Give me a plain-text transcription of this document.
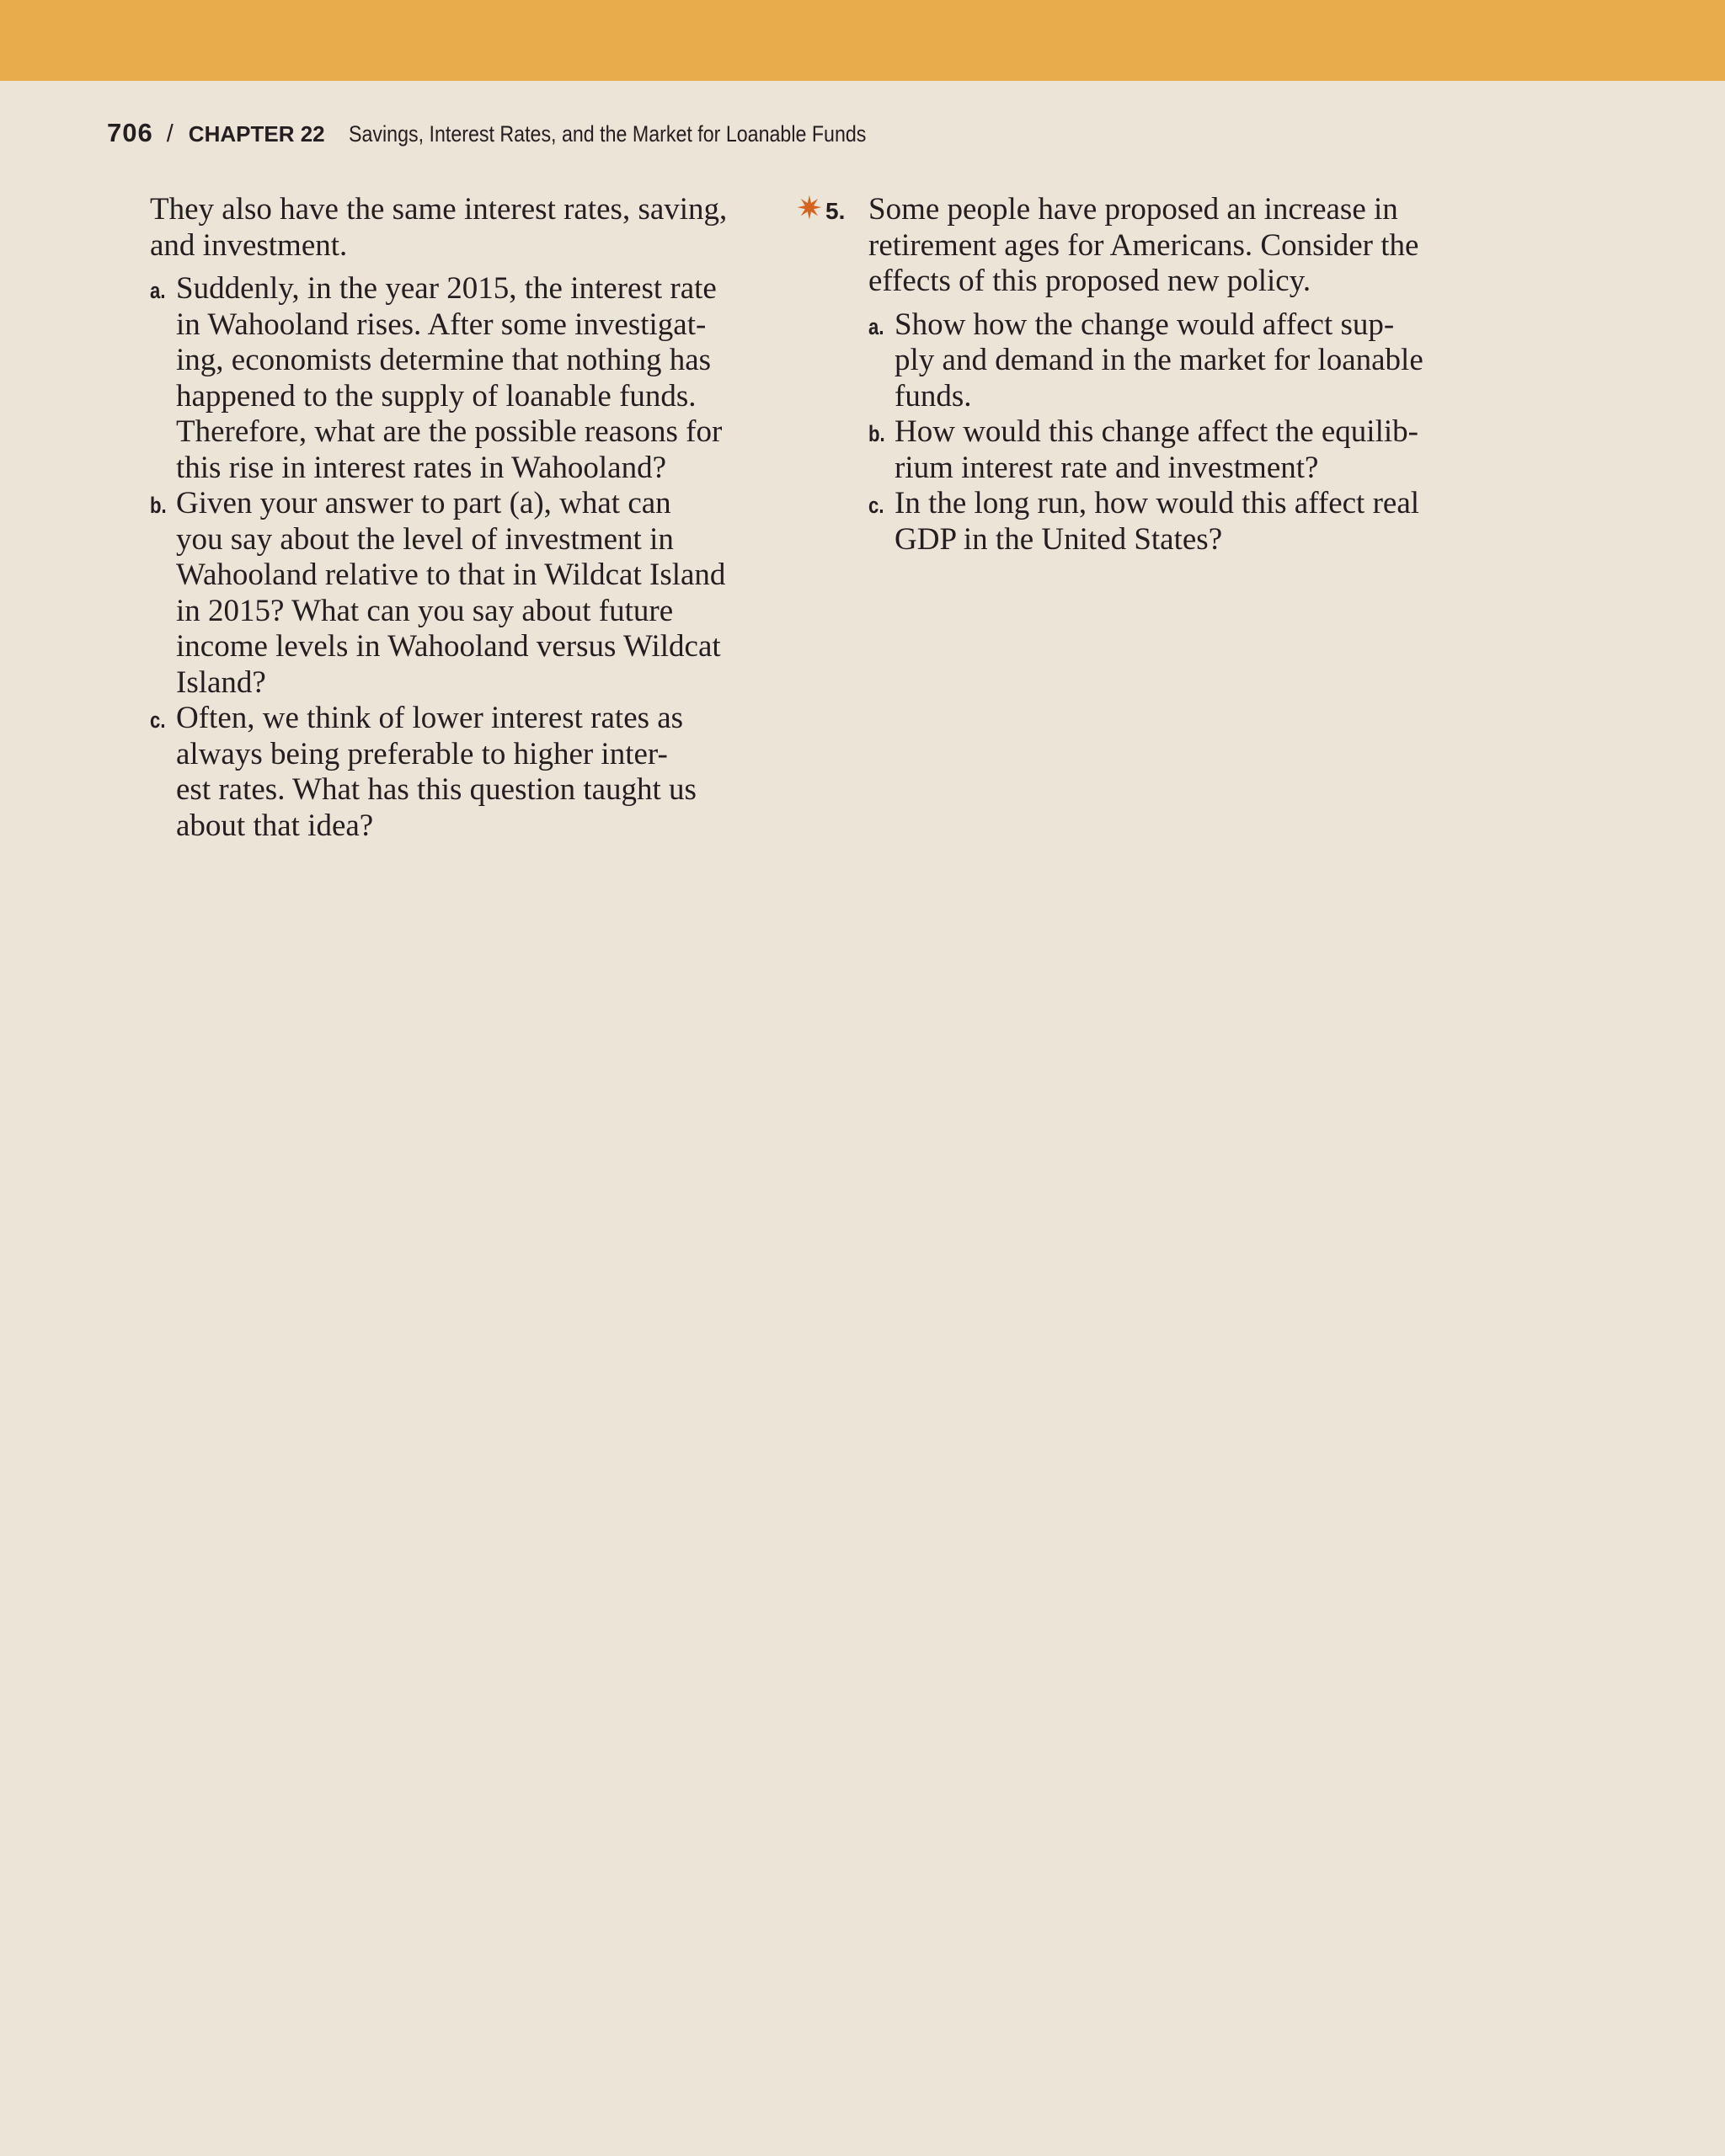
706 / CHAPTER 22 Savings, Interest Rates, and the Market for Loanable Funds

They also have the same interest rates, saving,
and investment.

a. Suddenly, in the year 2015, the interest rate
in Wahooland rises. After some investigat-
ing, economists determine that nothing has
happened to the supply of loanable funds.
Therefore, what are the possible reasons for
this rise in interest rates in Wahooland?

b. Given your answer to part (a), what can
you say about the level of investment in
Wahooland relative to that in Wildcat Island
in 2015? What can you say about future
income levels in Wahooland versus Wildcat
Island?

c. Often, we think of lower interest rates as
always being preferable to higher inter-
est rates. What has this question taught us
about that idea?

✷ 5. Some people have proposed an increase in
retirement ages for Americans. Consider the
effects of this proposed new policy.

a. Show how the change would affect sup-
ply and demand in the market for loanable
funds.

b. How would this change affect the equilib-
rium interest rate and investment?

c. In the long run, how would this affect real
GDP in the United States?
